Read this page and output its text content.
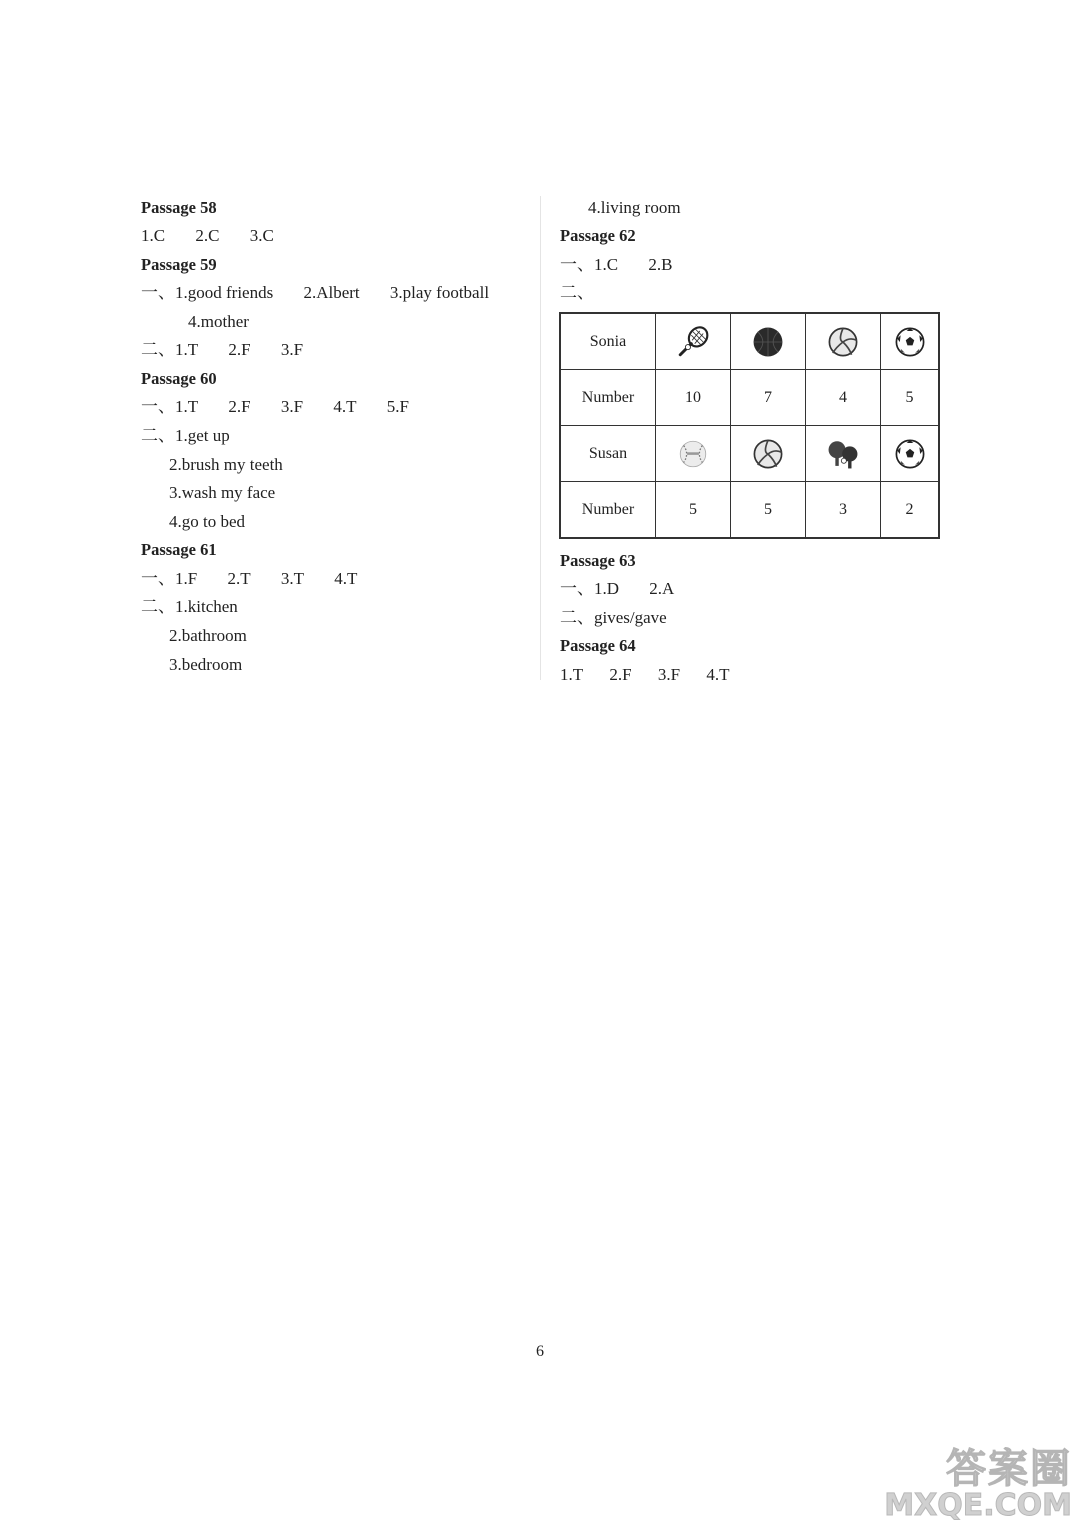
Passage 58
1.C 2.C 3.C
Passage 59
一、1.good friends 2.Albert 3.play football
4.mother
二、1.T 2.F 3.F
Passage 60
一、1.T 2.F 3.F 4.T 5.F
二、1.get up
2.brush my teeth
3.wash my face
4.go to bed
Passage 61
一、1.F 2.T 3.T 4.T
二、1.kitchen
2.bathroom
3.bedroom
4.living room
Passage 62
一、1.C 2.B
二、
Sonia				
Number	10	7	4	5
Susan				
Number	5	5	3	2
Passage 63
一、1.D 2.A
二、gives/gave
Passage 64
1.T 2.F 3.F 4.T
6
答案圈
MXQE.COM
